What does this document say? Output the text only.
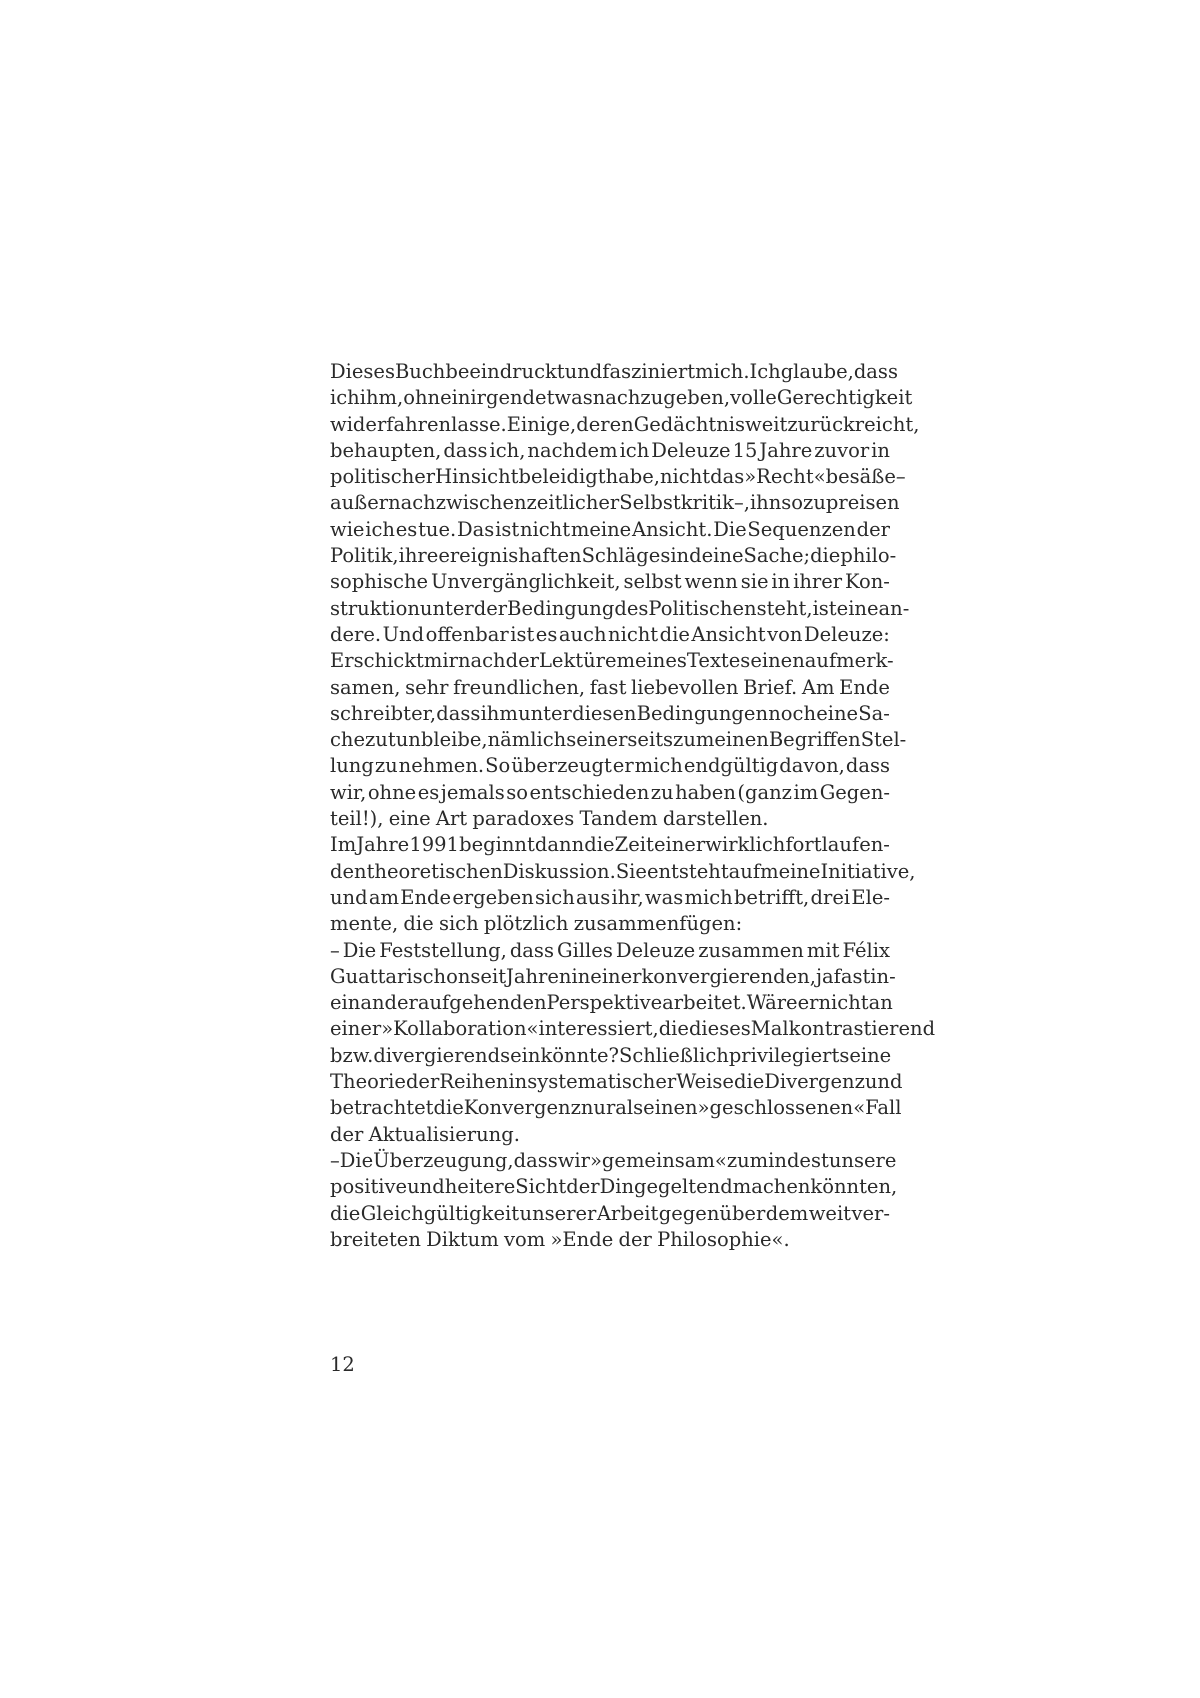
Dieses Buch beeindruckt und fasziniert mich. Ich glaube, dass
ich ihm, ohne in irgendetwas nachzugeben, volle Gerechtigkeit
widerfahren lasse. Einige, deren Gedächtnis weit zurückreicht,
behaupten, dass ich, nachdem ich Deleuze 15 Jahre zuvor in
politischer Hinsicht beleidigt habe, nicht das »Recht« besäße –
außer nach zwischenzeitlicher Selbstkritik –, ihn so zu preisen
wie ich es tue. Das ist nicht meine Ansicht. Die Sequenzen der
Politik, ihre ereignishaften Schläge sind eine Sache; die philo-
sophische Unvergänglichkeit, selbst wenn sie in ihrer Kon-
struktion unter der Bedingung des Politischen steht, ist eine an-
dere. Und offenbar ist es auch nicht die Ansicht von Deleuze:
Er schickt mir nach der Lektüre meines Textes einen aufmerk-
samen, sehr freundlichen, fast liebevollen Brief. Am Ende
schreibt er, dass ihm unter diesen Bedingungen noch eine Sa-
che zu tun bleibe, nämlich seinerseits zu meinen Begriffen Stel-
lung zu nehmen. So überzeugt er mich endgültig davon, dass
wir, ohne es jemals so entschieden zu haben (ganz im Gegen-
teil!), eine Art paradoxes Tandem darstellen.
Im Jahre 1991 beginnt dann die Zeit einer wirklich fortlaufen-
den theoretischen Diskussion. Sie entsteht auf meine Initiative,
und am Ende ergeben sich aus ihr, was mich betrifft, drei Ele-
mente, die sich plötzlich zusammenfügen:
– Die Feststellung, dass Gilles Deleuze zusammen mit Félix
Guattari schon seit Jahren in einer konvergierenden, ja fast in-
einander aufgehenden Perspektive arbeitet. Wäre er nicht an
einer »Kollaboration« interessiert, die dieses Mal kontrastierend
bzw. divergierend sein könnte? Schließlich privilegiert seine
Theorie der Reihen in systematischer Weise die Divergenz und
betrachtet die Konvergenz nur als einen »geschlossenen« Fall
der Aktualisierung.
– Die Überzeugung, dass wir »gemeinsam« zumindest unsere
positive und heitere Sicht der Dinge geltend machen könnten,
die Gleichgültigkeit unserer Arbeit gegenüber dem weit ver-
breiteten Diktum vom »Ende der Philosophie«.
12
